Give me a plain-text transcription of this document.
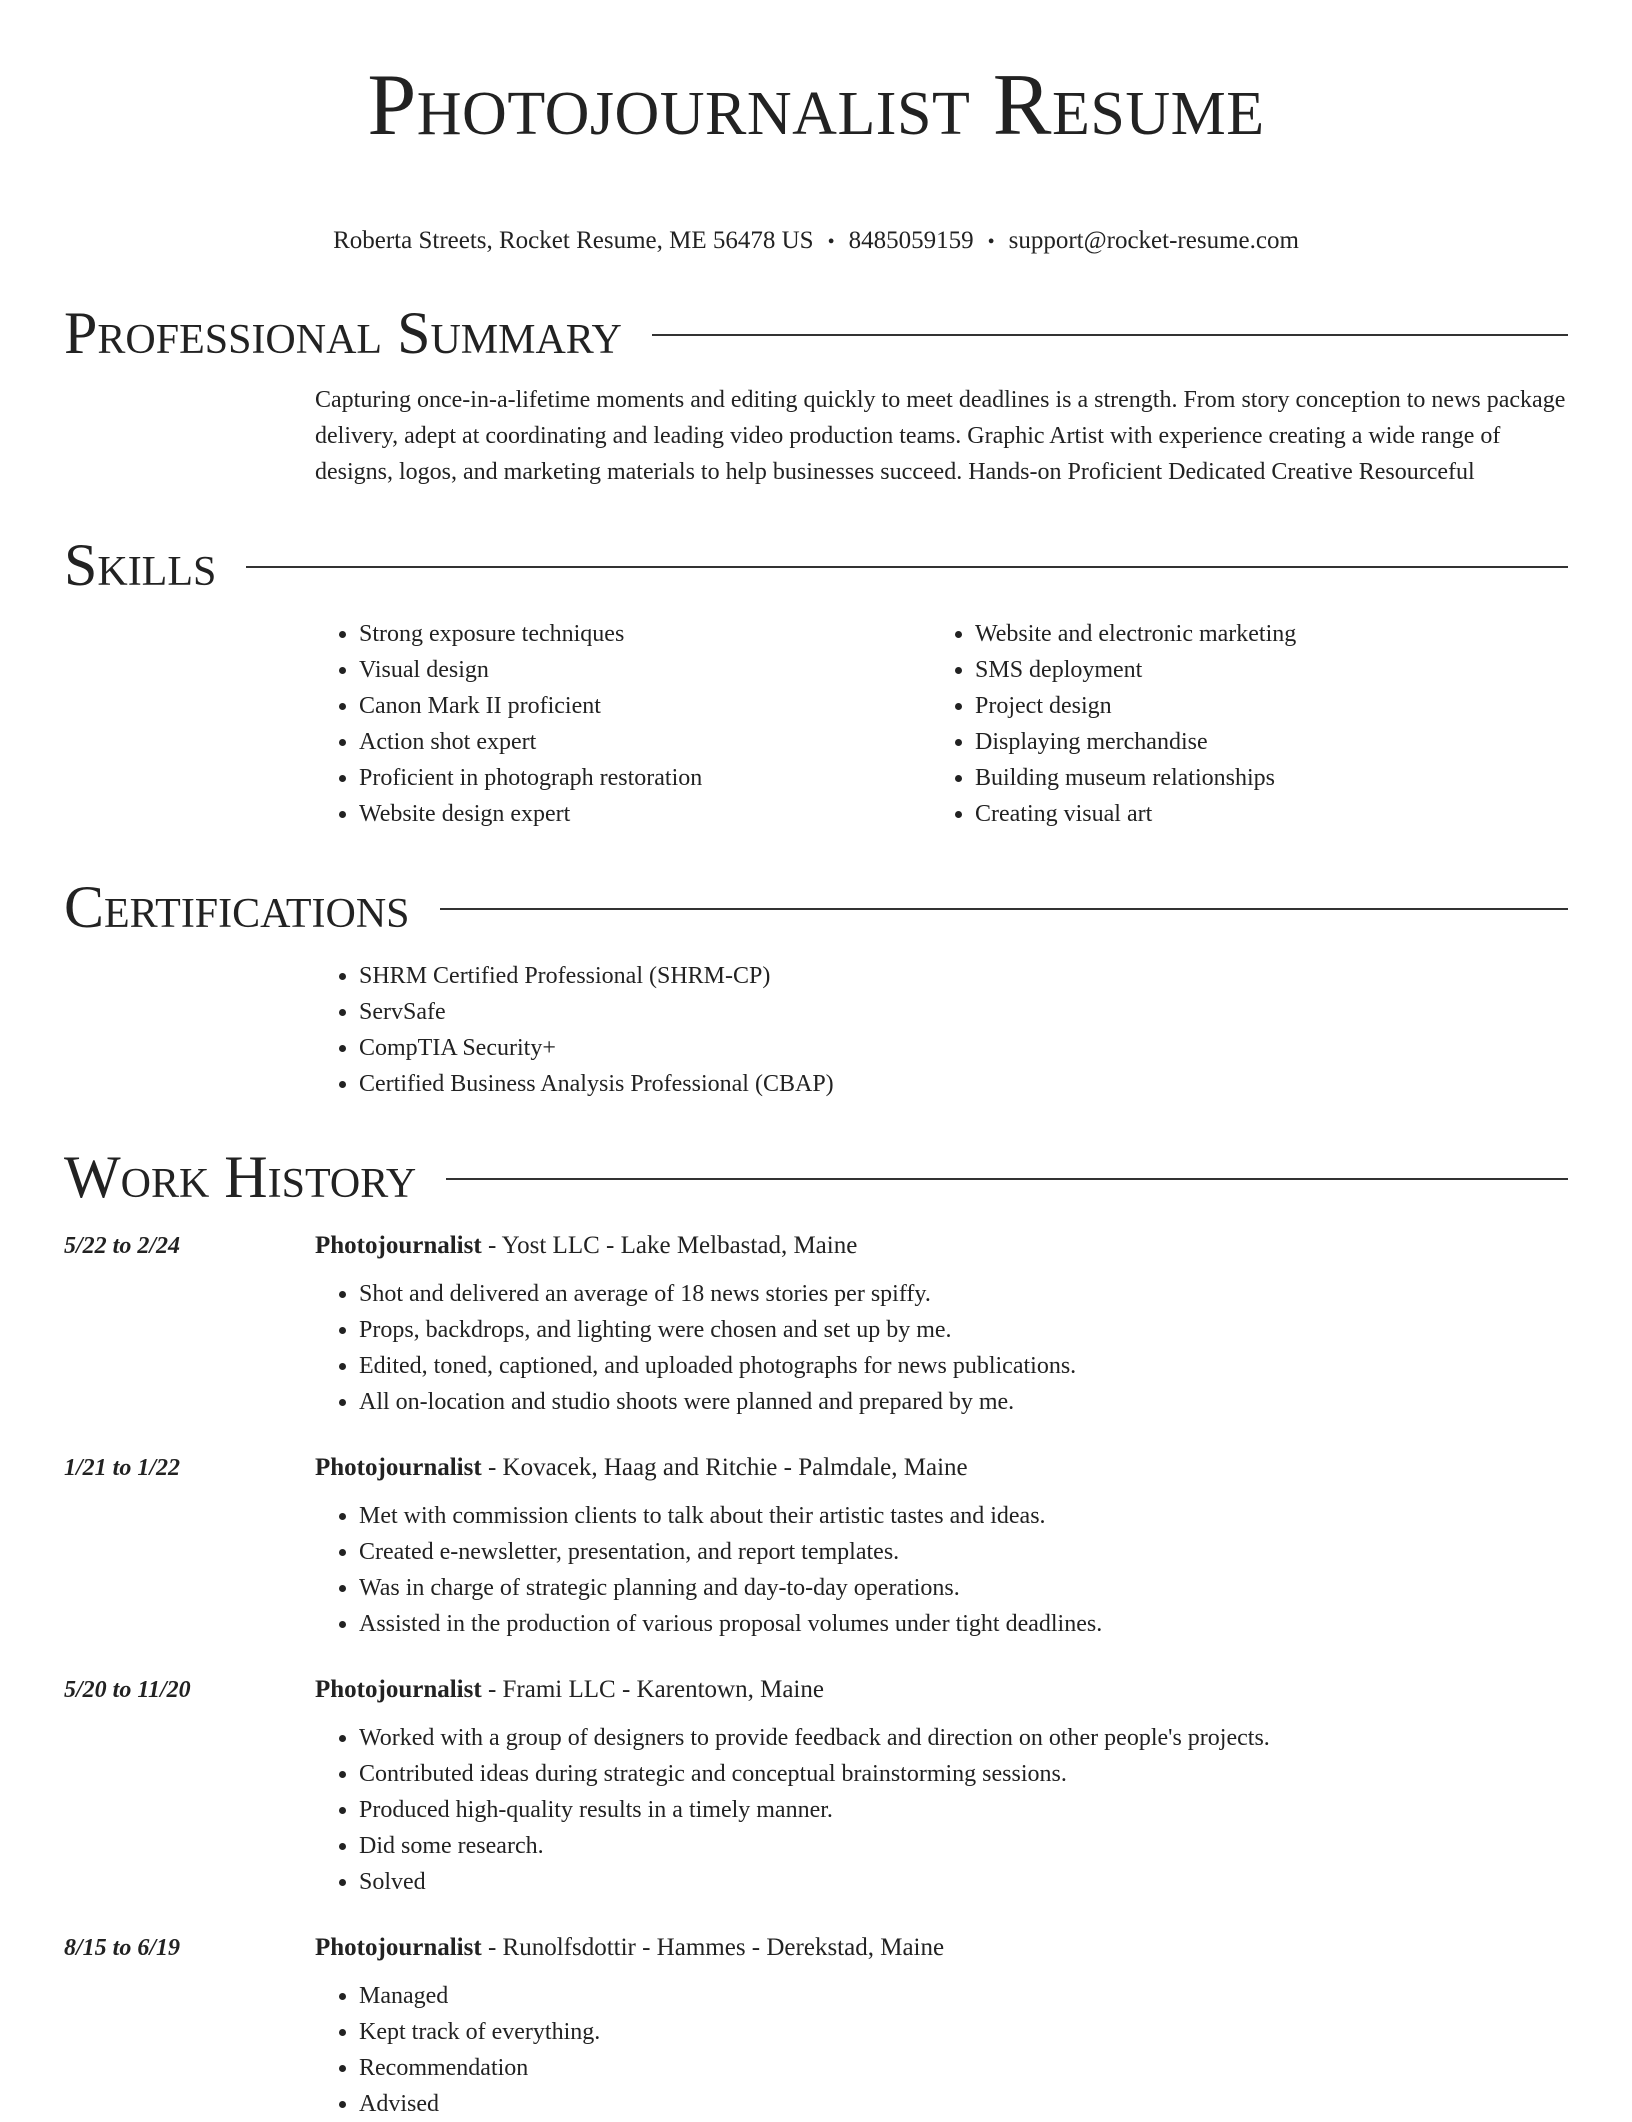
Photojournalist Resume
Roberta Streets, Rocket Resume, ME 56478 US • 8485059159 • support@rocket-resume.com
Professional Summary
Capturing once-in-a-lifetime moments and editing quickly to meet deadlines is a strength. From story conception to news package delivery, adept at coordinating and leading video production teams. Graphic Artist with experience creating a wide range of designs, logos, and marketing materials to help businesses succeed. Hands-on Proficient Dedicated Creative Resourceful
Skills
• Strong exposure techniques
• Visual design
• Canon Mark II proficient
• Action shot expert
• Proficient in photograph restoration
• Website design expert
• Website and electronic marketing
• SMS deployment
• Project design
• Displaying merchandise
• Building museum relationships
• Creating visual art
Certifications
• SHRM Certified Professional (SHRM-CP)
• ServSafe
• CompTIA Security+
• Certified Business Analysis Professional (CBAP)
Work History
5/22 to 2/24	Photojournalist - Yost LLC - Lake Melbastad, Maine
• Shot and delivered an average of 18 news stories per spiffy.
• Props, backdrops, and lighting were chosen and set up by me.
• Edited, toned, captioned, and uploaded photographs for news publications.
• All on-location and studio shoots were planned and prepared by me.
1/21 to 1/22	Photojournalist - Kovacek, Haag and Ritchie - Palmdale, Maine
• Met with commission clients to talk about their artistic tastes and ideas.
• Created e-newsletter, presentation, and report templates.
• Was in charge of strategic planning and day-to-day operations.
• Assisted in the production of various proposal volumes under tight deadlines.
5/20 to 11/20	Photojournalist - Frami LLC - Karentown, Maine
• Worked with a group of designers to provide feedback and direction on other people's projects.
• Contributed ideas during strategic and conceptual brainstorming sessions.
• Produced high-quality results in a timely manner.
• Did some research.
• Solved
8/15 to 6/19	Photojournalist - Runolfsdottir - Hammes - Derekstad, Maine
• Managed
• Kept track of everything.
• Recommendation
• Advised
